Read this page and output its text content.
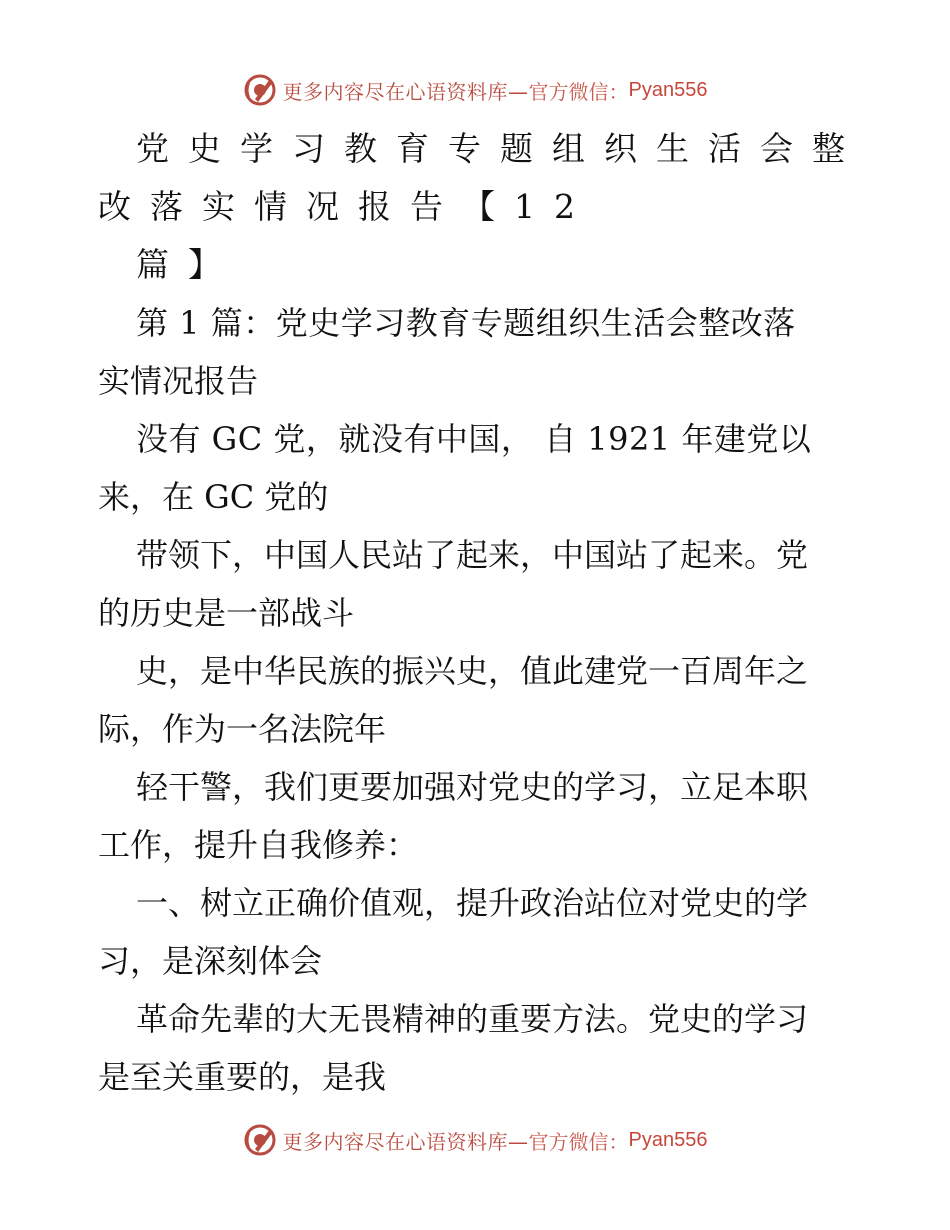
更多内容尽在心语资料库— 官方微信： Pyan556
党史学习教育专题组织生活会整
改落实情况报告【12
篇】
第 1 篇：党史学习教育专题组织生活会整改落
实情况报告
没有 GC 党，就没有中国， 自 1921 年建党以
来，在 GC 党的
带领下，中国人民站了起来，中国站了起来。党
的历史是一部战斗
史，是中华民族的振兴史，值此建党一百周年之
际，作为一名法院年
轻干警，我们更要加强对党史的学习，立足本职
工作，提升自我修养：
一、树立正确价值观，提升政治站位对党史的学
习，是深刻体会
革命先辈的大无畏精神的重要方法。党史的学习
是至关重要的，是我
更多内容尽在心语资料库— 官方微信： Pyan556
